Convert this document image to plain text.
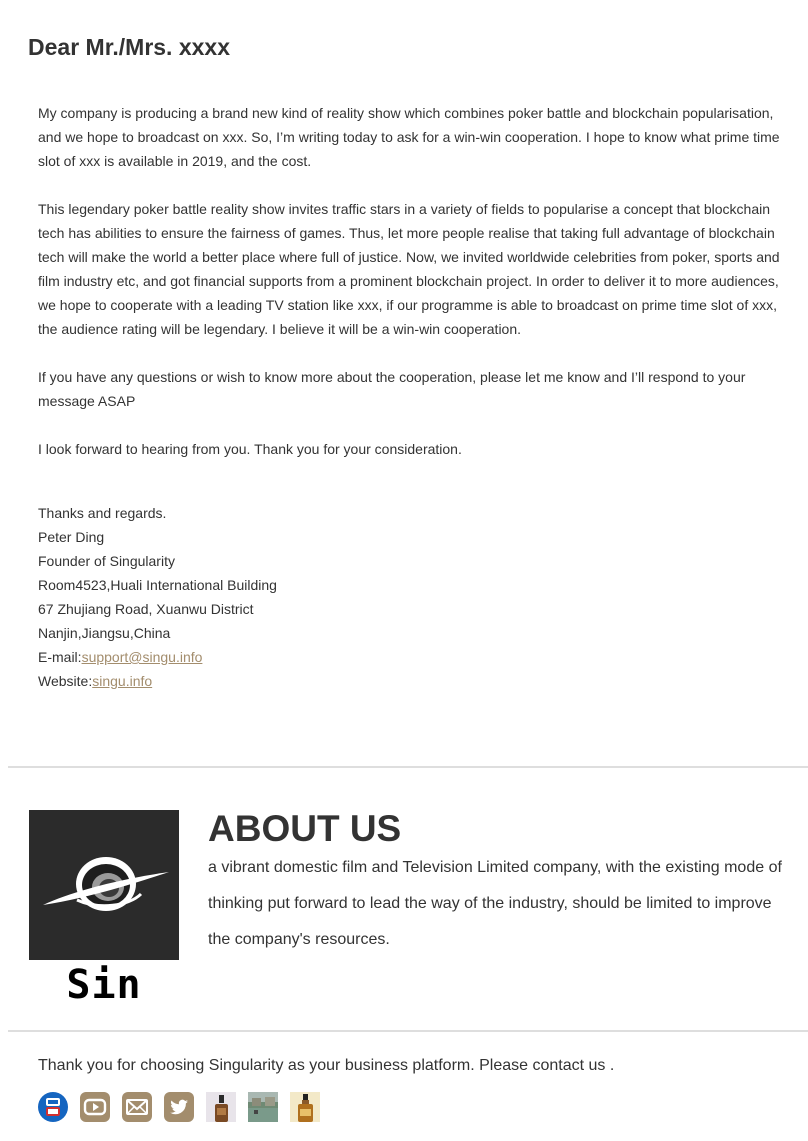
Dear Mr./Mrs. xxxx

My company is producing a brand new kind of reality show which combines poker battle and blockchain popularisation, and we hope to broadcast on xxx. So, I’m writing today to ask for a win-win cooperation. I hope to know what prime time slot of xxx is available in 2019, and the cost.

This legendary poker battle reality show invites traffic stars in a variety of fields to popularise a concept that blockchain tech has abilities to ensure the fairness of games. Thus, let more people realise that taking full advantage of blockchain tech will make the world a better place where full of justice. Now, we invited worldwide celebrities from poker, sports and film industry etc, and got financial supports from a prominent blockchain project. In order to deliver it to more audiences, we hope to cooperate with a leading TV station like xxx, if our programme is able to broadcast on prime time slot of xxx, the audience rating will be legendary. I believe it will be a win-win cooperation.

If you have any questions or wish to know more about the cooperation, please let me know and I’ll respond to your message ASAP

I look forward to hearing from you. Thank you for your consideration.

Thanks and regards.
Peter Ding
Founder of Singularity
Room4523,Huali International Building
67 Zhujiang Road, Xuanwu District
Nanjin,Jiangsu,China
E-mail:support@singu.info
Website:singu.info
Sin
ABOUT US
a vibrant domestic film and Television Limited company, with the existing mode of thinking put forward to lead the way of the industry, should be limited to improve the company's resources.
Thank you for choosing Singularity as your business platform. Please contact us .
